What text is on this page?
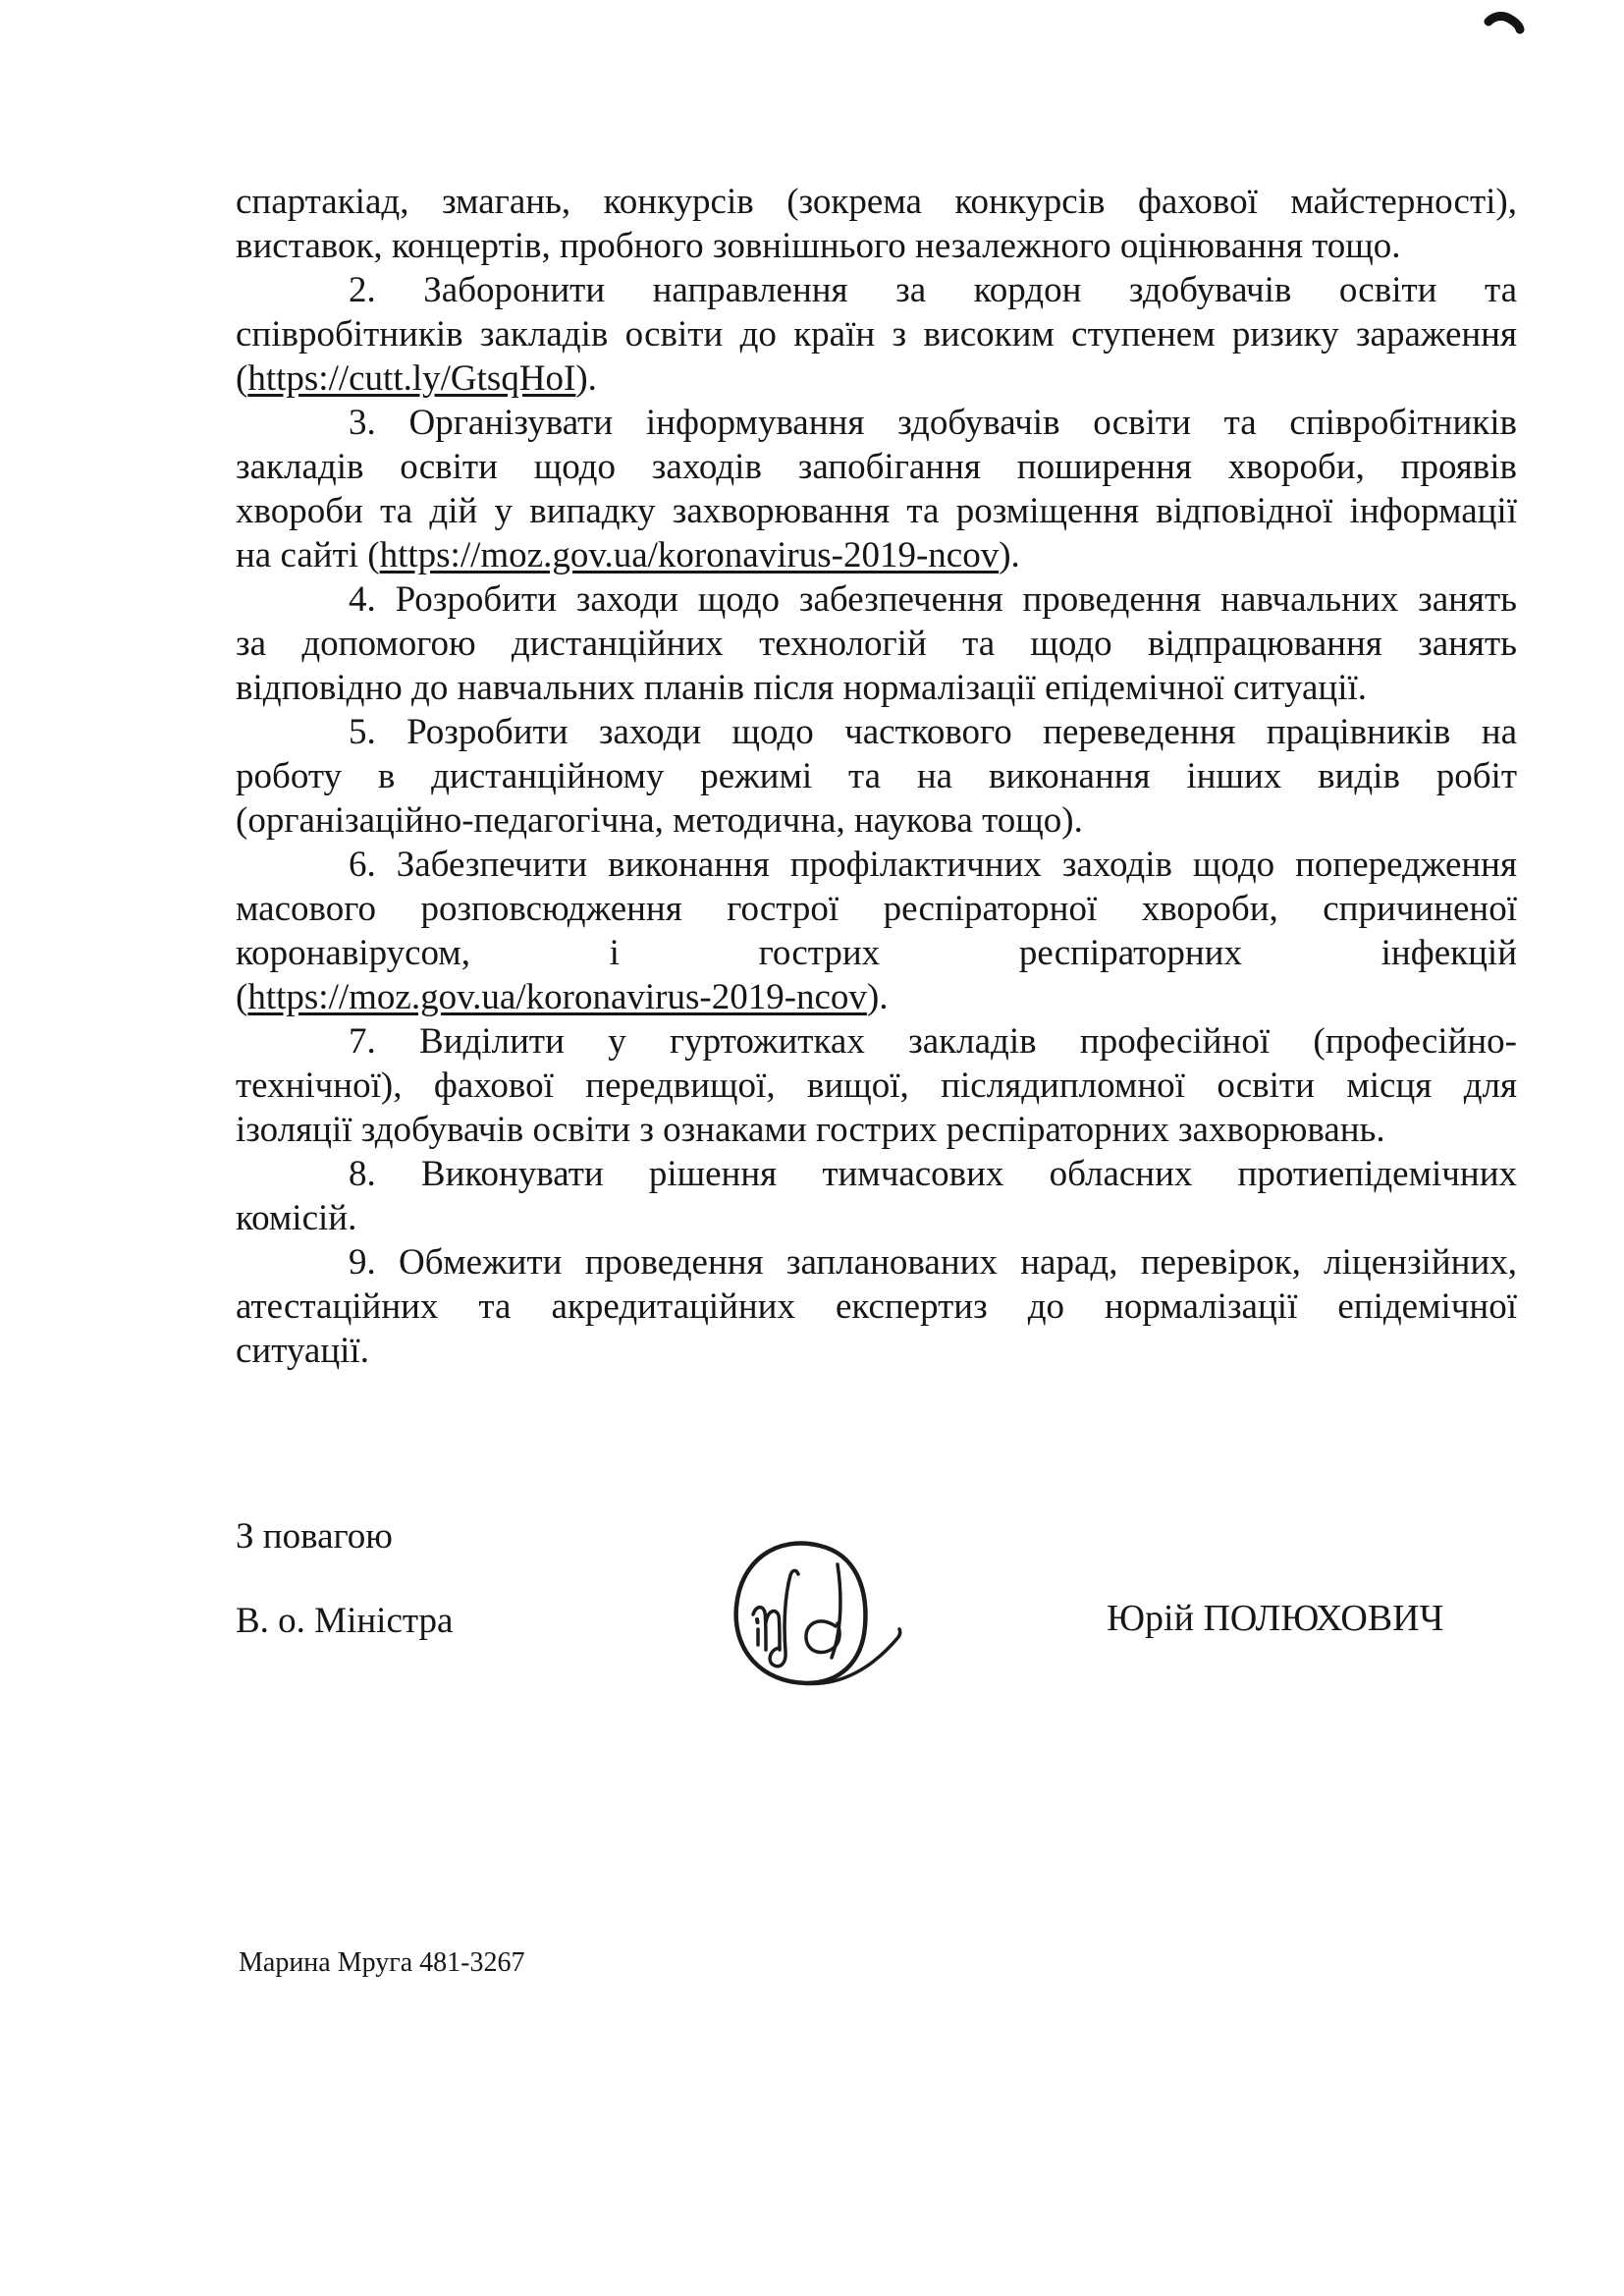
спартакіад, змагань, конкурсів (зокрема конкурсів фахової майстерності),
виставок, концертів, пробного зовнішнього незалежного оцінювання тощо.
2. Заборонити направлення за кордон здобувачів освіти та
співробітників закладів освіти до країн з високим ступенем ризику зараження
(https://cutt.ly/GtsqHoI).
3. Організувати інформування здобувачів освіти та співробітників
закладів освіти щодо заходів запобігання поширення хвороби, проявів
хвороби та дій у випадку захворювання та розміщення відповідної інформації
на сайті (https://moz.gov.ua/koronavirus-2019-ncov).
4. Розробити заходи щодо забезпечення проведення навчальних занять
за допомогою дистанційних технологій та щодо відпрацювання занять
відповідно до навчальних планів після нормалізації епідемічної ситуації.
5. Розробити заходи щодо часткового переведення працівників на
роботу в дистанційному режимі та на виконання інших видів робіт
(організаційно-педагогічна, методична, наукова тощо).
6. Забезпечити виконання профілактичних заходів щодо попередження
масового розповсюдження гострої респіраторної хвороби, спричиненої
коронавірусом, і гострих респіраторних інфекцій
(https://moz.gov.ua/koronavirus-2019-ncov).
7. Виділити у гуртожитках закладів професійної (професійно-
технічної), фахової передвищої, вищої, післядипломної освіти місця для
ізоляції здобувачів освіти з ознаками гострих респіраторних захворювань.
8. Виконувати рішення тимчасових обласних протиепідемічних
комісій.
9. Обмежити проведення запланованих нарад, перевірок, ліцензійних,
атестаційних та акредитаційних експертиз до нормалізації епідемічної
ситуації.
З повагою
В. о. Міністра	Юрій ПОЛЮХОВИЧ
Марина Мруга 481-3267
